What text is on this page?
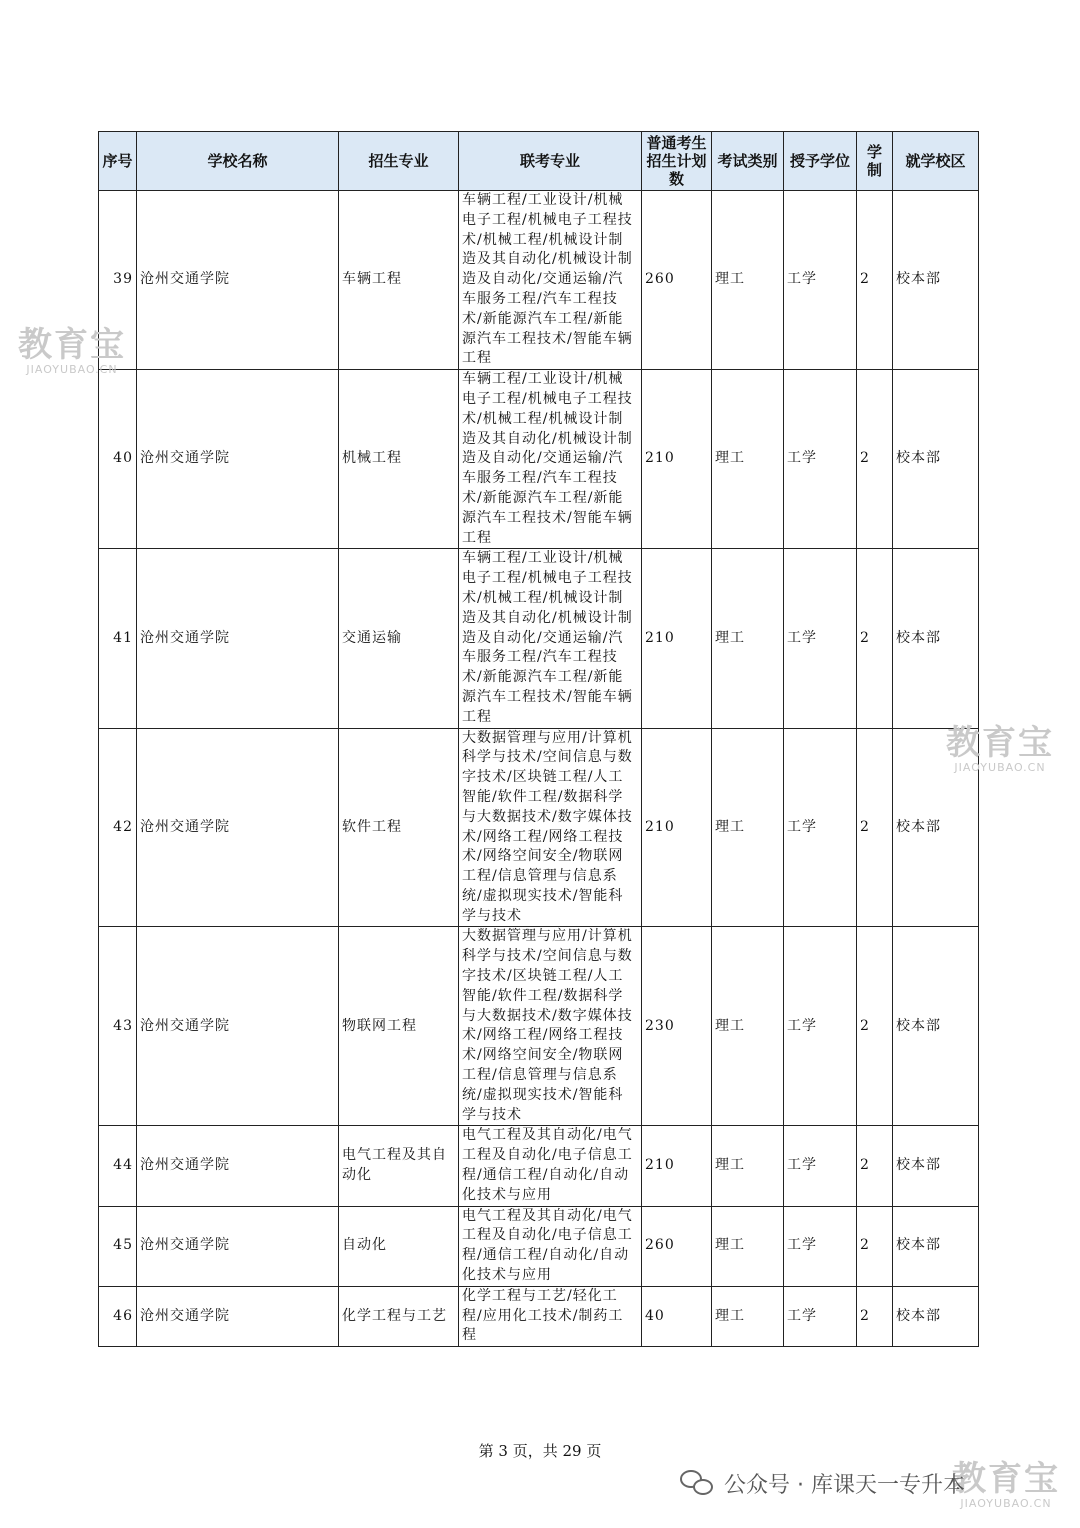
序号	学校名称	招生专业	联考专业	普通考生招生计划数	考试类别	授予学位	学制	就学校区
39	沧州交通学院	车辆工程	车辆工程/工业设计/机械电子工程/机械电子工程技术/机械工程/机械设计制造及其自动化/机械设计制造及自动化/交通运输/汽车服务工程/汽车工程技术/新能源汽车工程/新能源汽车工程技术/智能车辆工程	260	理工	工学	2	校本部
40	沧州交通学院	机械工程	车辆工程/工业设计/机械电子工程/机械电子工程技术/机械工程/机械设计制造及其自动化/机械设计制造及自动化/交通运输/汽车服务工程/汽车工程技术/新能源汽车工程/新能源汽车工程技术/智能车辆工程	210	理工	工学	2	校本部
41	沧州交通学院	交通运输	车辆工程/工业设计/机械电子工程/机械电子工程技术/机械工程/机械设计制造及其自动化/机械设计制造及自动化/交通运输/汽车服务工程/汽车工程技术/新能源汽车工程/新能源汽车工程技术/智能车辆工程	210	理工	工学	2	校本部
42	沧州交通学院	软件工程	大数据管理与应用/计算机科学与技术/空间信息与数字技术/区块链工程/人工智能/软件工程/数据科学与大数据技术/数字媒体技术/网络工程/网络工程技术/网络空间安全/物联网工程/信息管理与信息系统/虚拟现实技术/智能科学与技术	210	理工	工学	2	校本部
43	沧州交通学院	物联网工程	大数据管理与应用/计算机科学与技术/空间信息与数字技术/区块链工程/人工智能/软件工程/数据科学与大数据技术/数字媒体技术/网络工程/网络工程技术/网络空间安全/物联网工程/信息管理与信息系统/虚拟现实技术/智能科学与技术	230	理工	工学	2	校本部
44	沧州交通学院	电气工程及其自动化	电气工程及其自动化/电气工程及自动化/电子信息工程/通信工程/自动化/自动化技术与应用	210	理工	工学	2	校本部
45	沧州交通学院	自动化	电气工程及其自动化/电气工程及自动化/电子信息工程/通信工程/自动化/自动化技术与应用	260	理工	工学	2	校本部
46	沧州交通学院	化学工程与工艺	化学工程与工艺/轻化工程/应用化工技术/制药工程	40	理工	工学	2	校本部
教育宝
JIAOYUBAO.CN
教育宝
JIAOYUBAO.CN
教育宝
JIAOYUBAO.CN
第 3 页，共 29 页
公众号 · 库课天一专升本
